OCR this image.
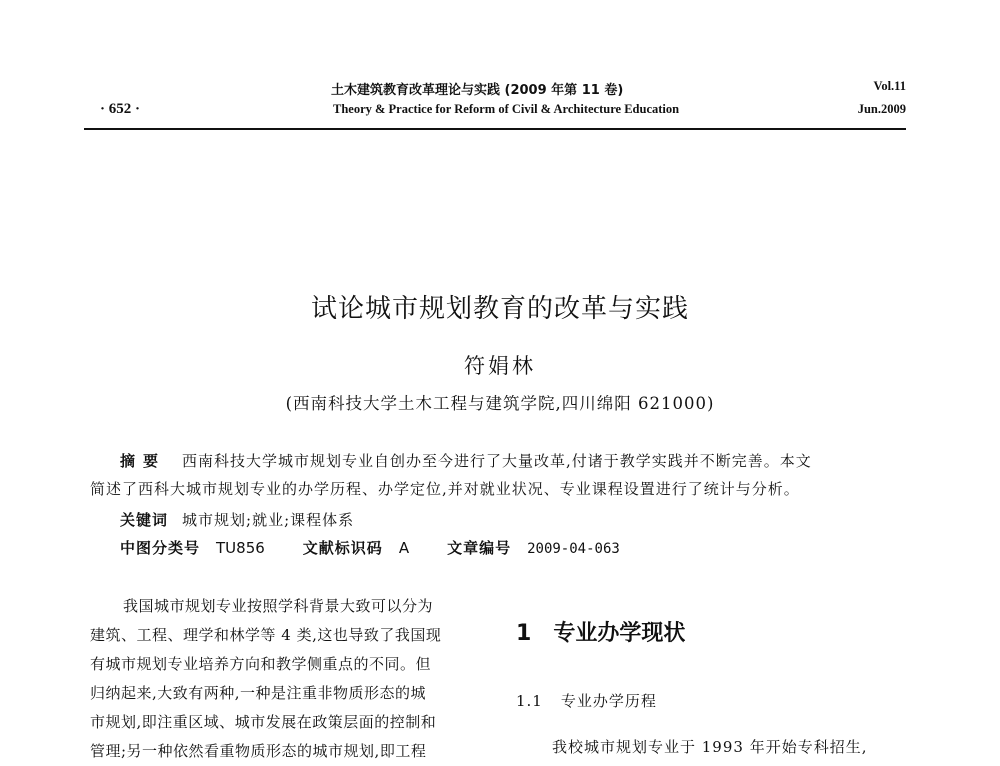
土木建筑教育改革理论与实践 (2009 年第 11 卷)
Theory & Practice for Reform of Civil & Architecture Education
· 652 ·
Vol.11
Jun.2009
试论城市规划教育的改革与实践
符娟林
(西南科技大学土木工程与建筑学院,四川绵阳 621000)
摘要 西南科技大学城市规划专业自创办至今进行了大量改革,付诸于教学实践并不断完善。本文
简述了西科大城市规划专业的办学历程、办学定位,并对就业状况、专业课程设置进行了统计与分析。
关键词 城市规划;就业;课程体系
中图分类号 TU856	文献标识码 A	文章编号 2009-04-063
我国城市规划专业按照学科背景大致可以分为
建筑、工程、理学和林学等 4 类,这也导致了我国现
有城市规划专业培养方向和教学侧重点的不同。但
归纳起来,大致有两种,一种是注重非物质形态的城
市规划,即注重区域、城市发展在政策层面的控制和
管理;另一种依然看重物质形态的城市规划,即工程
1 专业办学现状
1.1 专业办学历程
我校城市规划专业于 1993 年开始专科招生,
